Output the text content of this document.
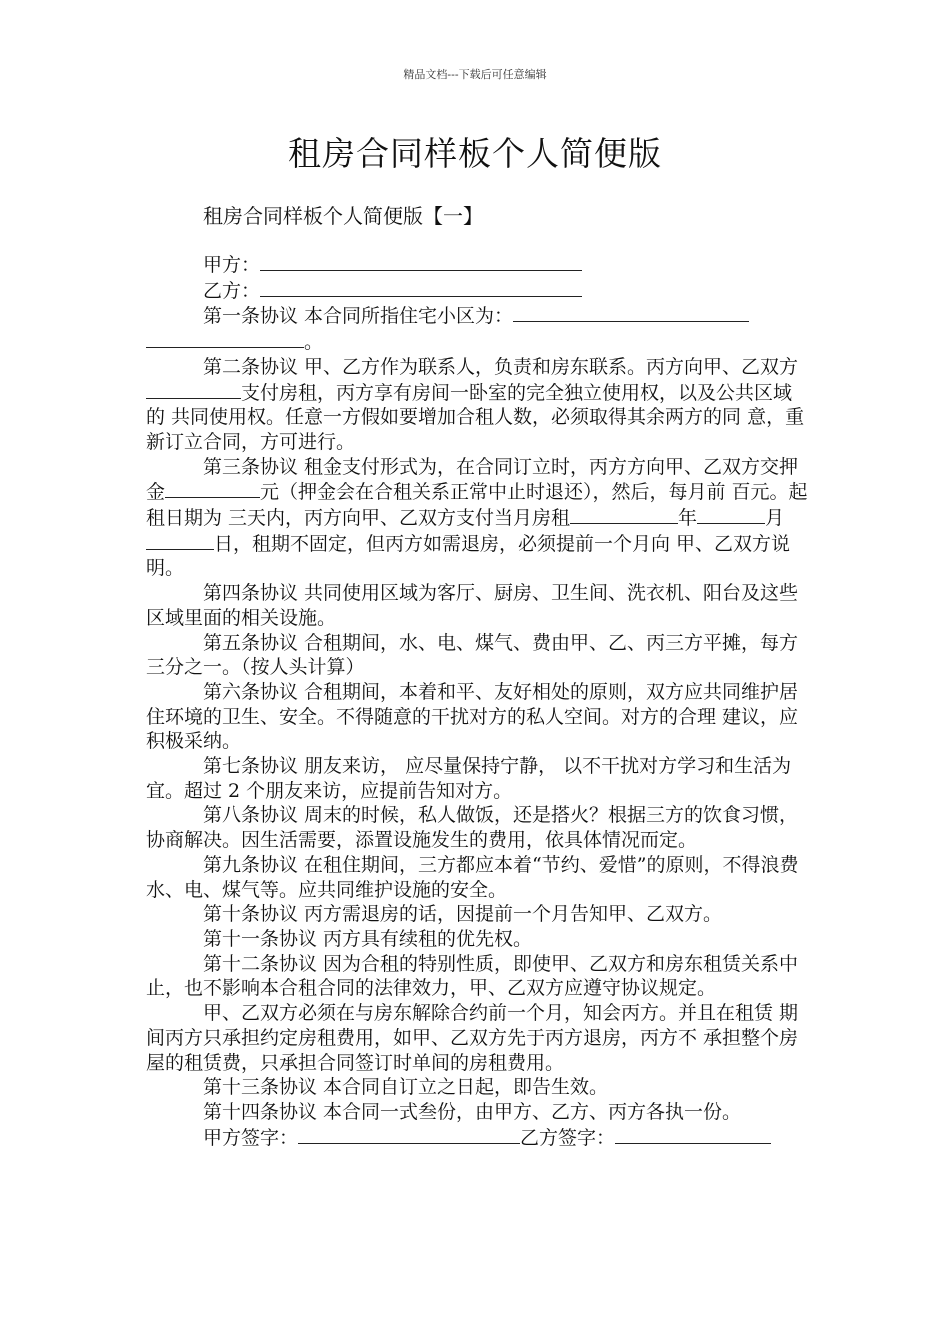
精品文档---下载后可任意编辑
租房合同样板个人简便版
租房合同样板个人简便版【一】
甲方：
乙方：
第一条协议 本合同所指住宅小区为：
。

第二条协议 甲、乙方作为联系人，负责和房东联系。丙方向甲、乙双方支付房租，丙方享有房间一卧室的完全独立使用权，以及公共区域的 共同使用权。任意一方假如要增加合租人数，必须取得其余两方的同 意，重新订立合同，方可进行。

第三条协议 租金支付形式为，在合同订立时，丙方方向甲、乙双方交押金	元（押金会在合租关系正常中止时退还），然后，每月前 百元。起租日期为 三天内，丙方向甲、乙双方支付当月房租	年	月日，租期不固定，但丙方如需退房，必须提前一个月向 甲、乙双方说明。

第四条协议 共同使用区域为客厅、厨房、卫生间、洗衣机、阳台及这些 区域里面的相关设施。

第五条协议 合租期间，水、电、煤气、费由甲、乙、丙三方平摊，每方 三分之一。（按人头计算）

第六条协议 合租期间，本着和平、友好相处的原则，双方应共同维护居 住环境的卫生、安全。不得随意的干扰对方的私人空间。对方的合理 建议，应积极采纳。

第七条协议 朋友来访， 应尽量保持宁静， 以不干扰对方学习和生活为宜。超过 2 个朋友来访，应提前告知对方。

第八条协议 周末的时候，私人做饭，还是搭火？根据三方的饮食习惯， 协商解决。因生活需要，添置设施发生的费用，依具体情况而定。

第九条协议 在租住期间，三方都应本着“节约、爱惜”的原则，不得浪费 水、电、煤气等。应共同维护设施的安全。

第十条协议 丙方需退房的话，因提前一个月告知甲、乙双方。

第十一条协议 丙方具有续租的优先权。

第十二条协议 因为合租的特别性质，即使甲、乙双方和房东租赁关系中 止，也不影响本合租合同的法律效力，甲、乙双方应遵守协议规定。

甲、乙双方必须在与房东解除合约前一个月，知会丙方。并且在租赁 期间丙方只承担约定房租费用，如甲、乙双方先于丙方退房，丙方不 承担整个房屋的租赁费，只承担合同签订时单间的房租费用。

第十三条协议 本合同自订立之日起，即告生效。

第十四条协议 本合同一式叁份，由甲方、乙方、丙方各执一份。

甲方签字：	乙方签字：
